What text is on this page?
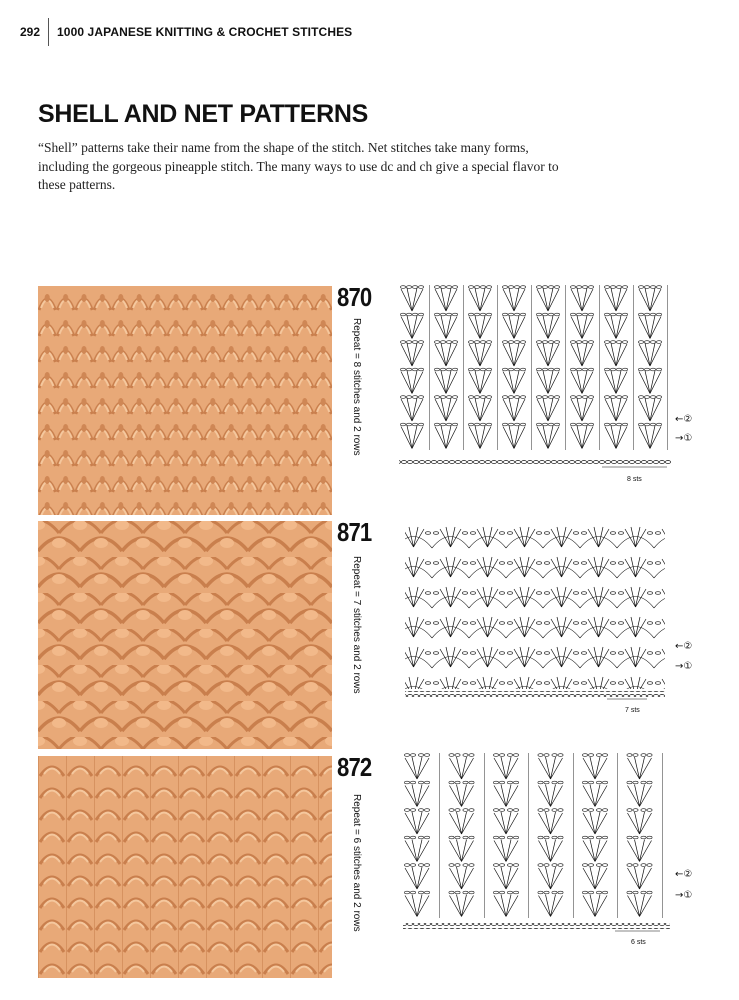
292	1000 JAPANESE KNITTING & CROCHET STITCHES
SHELL AND NET PATTERNS

“Shell” patterns take their name from the shape of the stitch. Net stitches take many forms, including the gorgeous pineapple stitch. The many ways to use dc and ch give a special flavor to these patterns.

870
Repeat = 8 stitches and 2 rows
8 sts
←②
→①
871
Repeat = 7 stitches and 2 rows
7 sts
←②
→①
872
Repeat = 6 stitches and 2 rows
6 sts
←②
→①
